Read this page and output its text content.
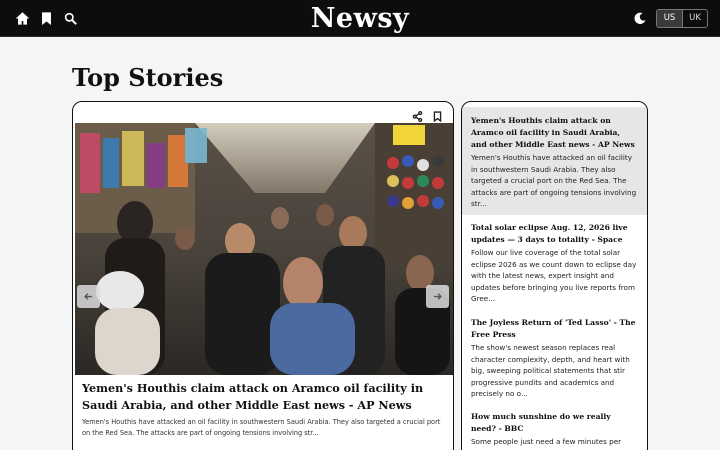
Newsy	US	UK
Top Stories
Yemen's Houthis claim attack on Aramco oil facility in Saudi Arabia, and other Middle East news - AP News
Yemen's Houthis have attacked an oil facility in southwestern Saudi Arabia. They also targeted a crucial port on the Red Sea. The attacks are part of ongoing tensions involving str...
Yemen's Houthis claim attack on Aramco oil facility in Saudi Arabia, and other Middle East news - AP News
Yemen's Houthis have attacked an oil facility in southwestern Saudi Arabia. They also targeted a crucial port on the Red Sea. The attacks are part of ongoing tensions involving str...
Total solar eclipse Aug. 12, 2026 live updates — 3 days to totality - Space
Follow our live coverage of the total solar eclipse 2026 as we count down to eclipse day with the latest news, expert insight and updates before bringing you live reports from Gree...
The Joyless Return of 'Ted Lasso' - The Free Press
The show's newest season replaces real character complexity, depth, and heart with big, sweeping political statements that stir progressive pundits and academics and precisely no o...
How much sunshine do we really need? - BBC
Some people just need a few minutes per
